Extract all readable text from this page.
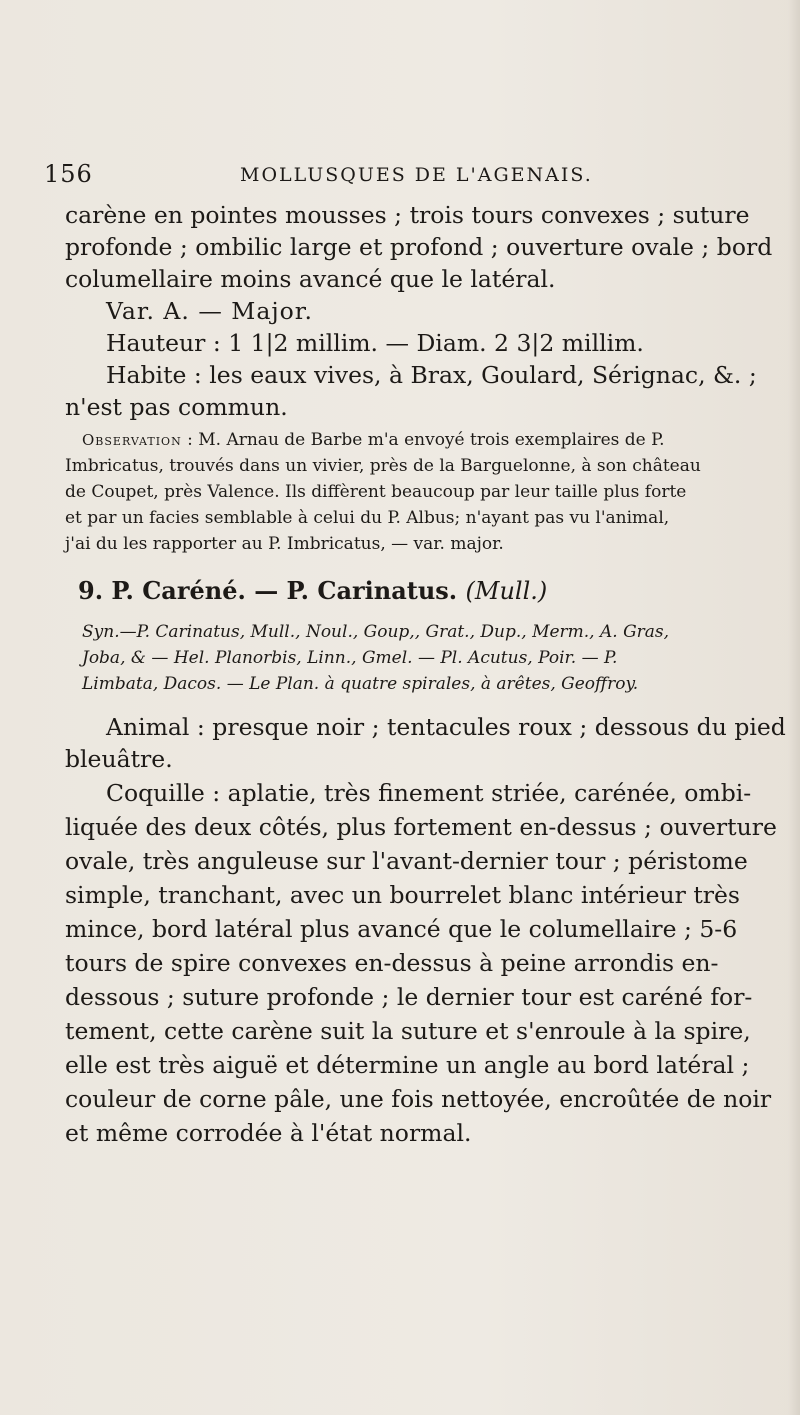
156	MOLLUSQUES DE L'AGENAIS.
carène en pointes mousses ; trois tours convexes ; suture
profonde ; ombilic large et profond ; ouverture ovale ; bord
columellaire moins avancé que le latéral.
Var. A. — Major.
Hauteur : 1 1|2 millim. — Diam. 2 3|2 millim.
Habite : les eaux vives, à Brax, Goulard, Sérignac, &. ;
n'est pas commun.
Observation : M. Arnau de Barbe m'a envoyé trois exemplaires de P.
Imbricatus, trouvés dans un vivier, près de la Barguelonne, à son château
de Coupet, près Valence. Ils diffèrent beaucoup par leur taille plus forte
et par un facies semblable à celui du P. Albus; n'ayant pas vu l'animal,
j'ai du les rapporter au P. Imbricatus, — var. major.
9. P. Caréné. — P. Carinatus. (Mull.)
Syn.—P. Carinatus, Mull., Noul., Goup,, Grat., Dup., Merm., A. Gras,
Joba, & — Hel. Planorbis, Linn., Gmel. — Pl. Acutus, Poir. — P.
Limbata, Dacos. — Le Plan. à quatre spirales, à arêtes, Geoffroy.
Animal : presque noir ; tentacules roux ; dessous du pied
bleuâtre.
Coquille : aplatie, très finement striée, carénée, ombi-
liquée des deux côtés, plus fortement en-dessus ; ouverture
ovale, très anguleuse sur l'avant-dernier tour ; péristome
simple, tranchant, avec un bourrelet blanc intérieur très
mince, bord latéral plus avancé que le columellaire ; 5-6
tours de spire convexes en-dessus à peine arrondis en-
dessous ; suture profonde ; le dernier tour est caréné for-
tement, cette carène suit la suture et s'enroule à la spire,
elle est très aiguë et détermine un angle au bord latéral ;
couleur de corne pâle, une fois nettoyée, encroûtée de noir
et même corrodée à l'état normal.
